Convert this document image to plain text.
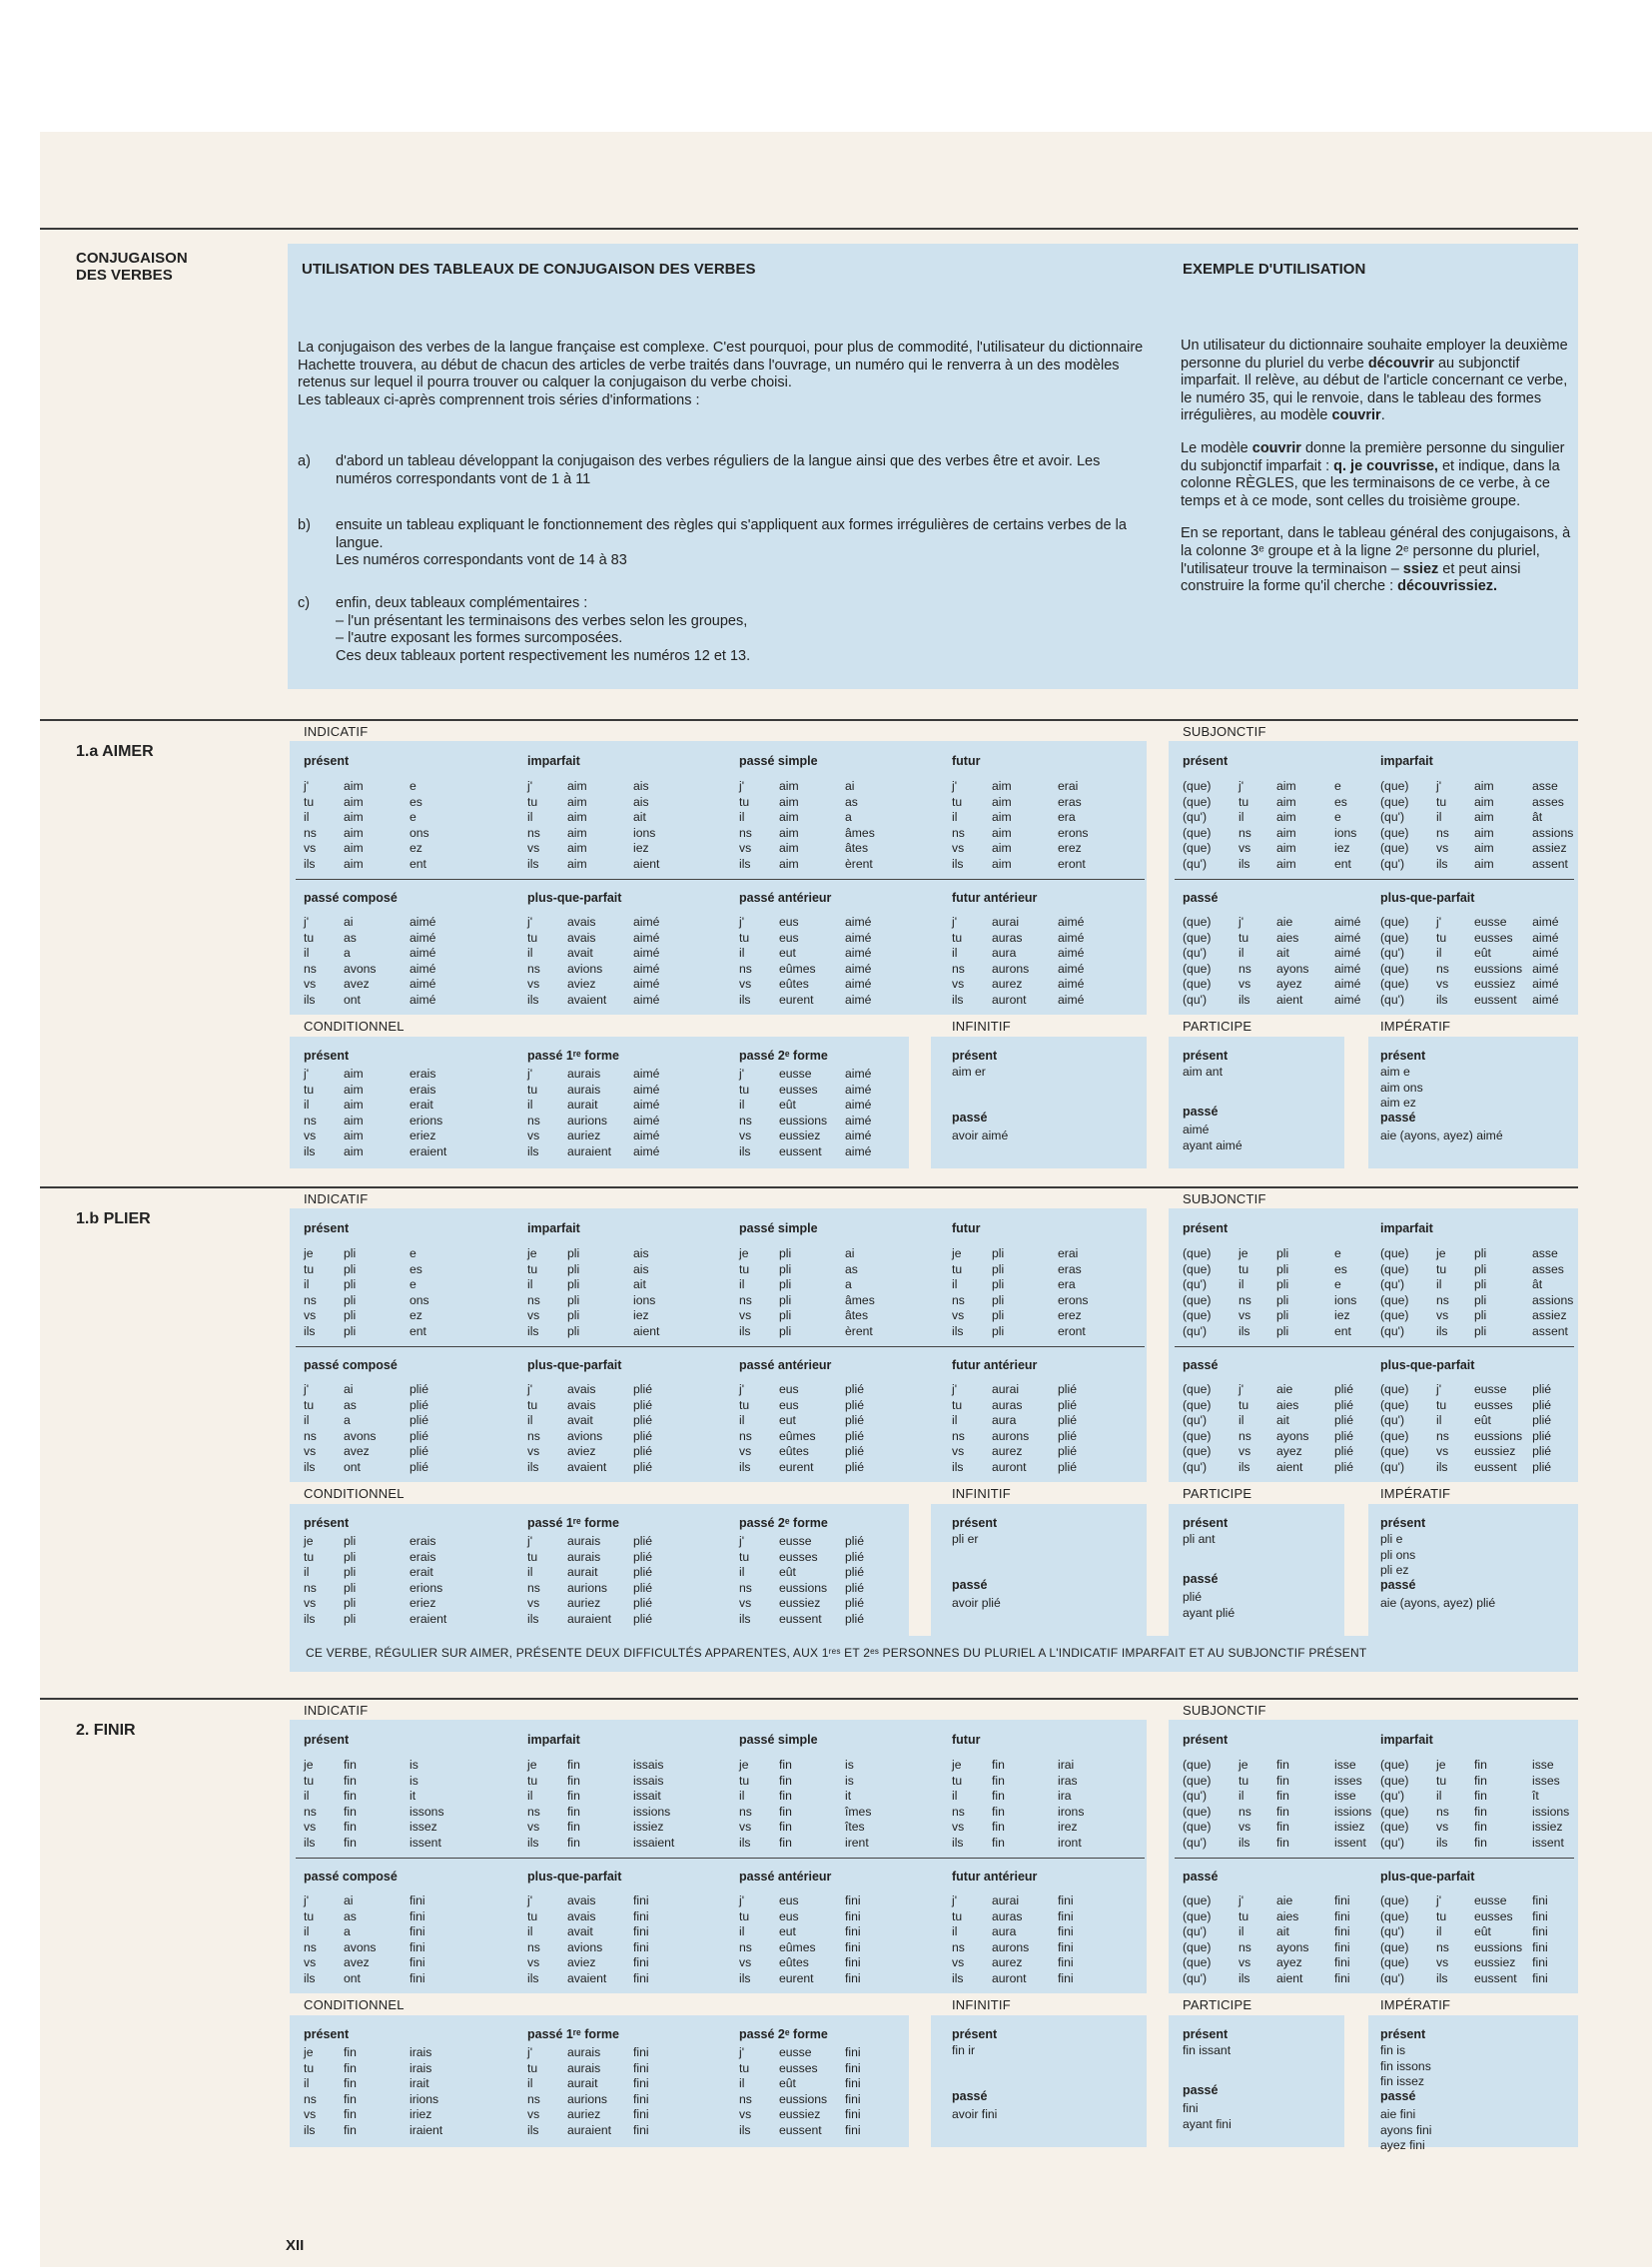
CONJUGAISON
DES VERBES	UTILISATION DES TABLEAUX DE CONJUGAISON DES VERBES	EXEMPLE D'UTILISATION
La conjugaison des verbes de la langue française est complexe. C'est pourquoi, pour plus de commodité, l'utilisateur du dictionnaire Hachette trouvera, au début de chacun des articles de verbe traités dans l'ouvrage, un numéro qui le renverra à un des modèles retenus sur lequel il pourra trouver ou calquer la conjugaison du verbe choisi.
Les tableaux ci-après comprennent trois séries d'informations :
a) d'abord un tableau développant la conjugaison des verbes réguliers de la langue ainsi que des verbes être et avoir. Les numéros correspondants vont de 1 à 11
b) ensuite un tableau expliquant le fonctionnement des règles qui s'appliquent aux formes irrégulières de certains verbes de la langue.
Les numéros correspondants vont de 14 à 83
c) enfin, deux tableaux complémentaires :
– l'un présentant les terminaisons des verbes selon les groupes,
– l'autre exposant les formes surcomposées.
Ces deux tableaux portent respectivement les numéros 12 et 13.

Un utilisateur du dictionnaire souhaite employer la deuxième personne du pluriel du verbe découvrir au subjonctif imparfait. Il relève, au début de l'article concernant ce verbe, le numéro 35, qui le renvoie, dans le tableau des formes irrégulières, au modèle couvrir.

Le modèle couvrir donne la première personne du singulier du subjonctif imparfait : q. je couvrisse, et indique, dans la colonne RÈGLES, que les terminaisons de ce verbe, à ce temps et à ce mode, sont celles du troisième groupe.

En se reportant, dans le tableau général des conjugaisons, à la colonne 3ᵉ groupe et à la ligne 2ᵉ personne du pluriel, l'utilisateur trouve la terminaison – ssiez et peut ainsi construire la forme qu'il cherche : découvrissiez.

1.a AIMER
INDICATIF	SUBJONCTIF
présent
j'	aim	e
tu	aim	es
il	aim	e
ns	aim	ons
vs	aim	ez
ils	aim	ent
imparfait
j'	aim	ais
tu	aim	ais
il	aim	ait
ns	aim	ions
vs	aim	iez
ils	aim	aient
passé simple
j'	aim	ai
tu	aim	as
il	aim	a
ns	aim	âmes
vs	aim	âtes
ils	aim	èrent
futur
j'	aim	erai
tu	aim	eras
il	aim	era
ns	aim	erons
vs	aim	erez
ils	aim	eront
passé composé
j'	ai	aimé
tu	as	aimé
il	a	aimé
ns	avons	aimé
vs	avez	aimé
ils	ont	aimé
plus-que-parfait
j'	avais	aimé
tu	avais	aimé
il	avait	aimé
ns	avions	aimé
vs	aviez	aimé
ils	avaient	aimé
passé antérieur
j'	eus	aimé
tu	eus	aimé
il	eut	aimé
ns	eûmes	aimé
vs	eûtes	aimé
ils	eurent	aimé
futur antérieur
j'	aurai	aimé
tu	auras	aimé
il	aura	aimé
ns	aurons	aimé
vs	aurez	aimé
ils	auront	aimé
présent
(que)	j'	aim	e
(que)	tu	aim	es
(qu')	il	aim	e
(que)	ns	aim	ions
(que)	vs	aim	iez
(qu')	ils	aim	ent
imparfait
(que)	j'	aim	asse
(que)	tu	aim	asses
(qu')	il	aim	ât
(que)	ns	aim	assions
(que)	vs	aim	assiez
(qu')	ils	aim	assent
passé
(que)	j'	aie	aimé
(que)	tu	aies	aimé
(qu')	il	ait	aimé
(que)	ns	ayons	aimé
(que)	vs	ayez	aimé
(qu')	ils	aient	aimé
plus-que-parfait
(que)	j'	eusse	aimé
(que)	tu	eusses	aimé
(qu')	il	eût	aimé
(que)	ns	eussions	aimé
(que)	vs	eussiez	aimé
(qu')	ils	eussent	aimé
CONDITIONNEL	INFINITIF	PARTICIPE	IMPÉRATIF
présent
j'	aim	erais
tu	aim	erais
il	aim	erait
ns	aim	erions
vs	aim	eriez
ils	aim	eraient
passé 1ʳᵉ forme
j'	aurais	aimé
tu	aurais	aimé
il	aurait	aimé
ns	aurions	aimé
vs	auriez	aimé
ils	auraient	aimé
passé 2ᵉ forme
j'	eusse	aimé
tu	eusses	aimé
il	eût	aimé
ns	eussions	aimé
vs	eussiez	aimé
ils	eussent	aimé
présent
aim er
passé
avoir aimé
présent
aim ant
passé
aimé
ayant aimé
présent
aim e
aim ons
aim ez
passé
aie (ayons, ayez) aimé
1.b PLIER
INDICATIF	SUBJONCTIF
présent
je	pli	e
tu	pli	es
il	pli	e
ns	pli	ons
vs	pli	ez
ils	pli	ent
imparfait
je	pli	ais
tu	pli	ais
il	pli	ait
ns	pli	ions
vs	pli	iez
ils	pli	aient
passé simple
je	pli	ai
tu	pli	as
il	pli	a
ns	pli	âmes
vs	pli	âtes
ils	pli	èrent
futur
je	pli	erai
tu	pli	eras
il	pli	era
ns	pli	erons
vs	pli	erez
ils	pli	eront
passé composé
j'	ai	plié
tu	as	plié
il	a	plié
ns	avons	plié
vs	avez	plié
ils	ont	plié
plus-que-parfait
j'	avais	plié
tu	avais	plié
il	avait	plié
ns	avions	plié
vs	aviez	plié
ils	avaient	plié
passé antérieur
j'	eus	plié
tu	eus	plié
il	eut	plié
ns	eûmes	plié
vs	eûtes	plié
ils	eurent	plié
futur antérieur
j'	aurai	plié
tu	auras	plié
il	aura	plié
ns	aurons	plié
vs	aurez	plié
ils	auront	plié
présent
(que)	je	pli	e
(que)	tu	pli	es
(qu')	il	pli	e
(que)	ns	pli	ions
(que)	vs	pli	iez
(qu')	ils	pli	ent
imparfait
(que)	je	pli	asse
(que)	tu	pli	asses
(qu')	il	pli	ât
(que)	ns	pli	assions
(que)	vs	pli	assiez
(qu')	ils	pli	assent
passé
(que)	j'	aie	plié
(que)	tu	aies	plié
(qu')	il	ait	plié
(que)	ns	ayons	plié
(que)	vs	ayez	plié
(qu')	ils	aient	plié
plus-que-parfait
(que)	j'	eusse	plié
(que)	tu	eusses	plié
(qu')	il	eût	plié
(que)	ns	eussions	plié
(que)	vs	eussiez	plié
(qu')	ils	eussent	plié
CONDITIONNEL	INFINITIF	PARTICIPE	IMPÉRATIF
CE VERBE, RÉGULIER SUR AIMER, PRÉSENTE DEUX DIFFICULTÉS APPARENTES, AUX 1ʳᵉˢ ET 2ᵉˢ PERSONNES DU PLURIEL A L'INDICATIF IMPARFAIT ET AU SUBJONCTIF PRÉSENT
présent
je	pli	erais
tu	pli	erais
il	pli	erait
ns	pli	erions
vs	pli	eriez
ils	pli	eraient
passé 1ʳᵉ forme
j'	aurais	plié
tu	aurais	plié
il	aurait	plié
ns	aurions	plié
vs	auriez	plié
ils	auraient	plié
passé 2ᵉ forme
j'	eusse	plié
tu	eusses	plié
il	eût	plié
ns	eussions	plié
vs	eussiez	plié
ils	eussent	plié
présent
pli er
passé
avoir plié
présent
pli ant
passé
plié
ayant plié
présent
pli e
pli ons
pli ez
passé
aie (ayons, ayez) plié
2. FINIR
INDICATIF	SUBJONCTIF
présent
je	fin	is
tu	fin	is
il	fin	it
ns	fin	issons
vs	fin	issez
ils	fin	issent
imparfait
je	fin	issais
tu	fin	issais
il	fin	issait
ns	fin	issions
vs	fin	issiez
ils	fin	issaient
passé simple
je	fin	is
tu	fin	is
il	fin	it
ns	fin	îmes
vs	fin	îtes
ils	fin	irent
futur
je	fin	irai
tu	fin	iras
il	fin	ira
ns	fin	irons
vs	fin	irez
ils	fin	iront
passé composé
j'	ai	fini
tu	as	fini
il	a	fini
ns	avons	fini
vs	avez	fini
ils	ont	fini
plus-que-parfait
j'	avais	fini
tu	avais	fini
il	avait	fini
ns	avions	fini
vs	aviez	fini
ils	avaient	fini
passé antérieur
j'	eus	fini
tu	eus	fini
il	eut	fini
ns	eûmes	fini
vs	eûtes	fini
ils	eurent	fini
futur antérieur
j'	aurai	fini
tu	auras	fini
il	aura	fini
ns	aurons	fini
vs	aurez	fini
ils	auront	fini
présent
(que)	je	fin	isse
(que)	tu	fin	isses
(qu')	il	fin	isse
(que)	ns	fin	issions
(que)	vs	fin	issiez
(qu')	ils	fin	issent
imparfait
(que)	je	fin	isse
(que)	tu	fin	isses
(qu')	il	fin	ît
(que)	ns	fin	issions
(que)	vs	fin	issiez
(qu')	ils	fin	issent
passé
(que)	j'	aie	fini
(que)	tu	aies	fini
(qu')	il	ait	fini
(que)	ns	ayons	fini
(que)	vs	ayez	fini
(qu')	ils	aient	fini
plus-que-parfait
(que)	j'	eusse	fini
(que)	tu	eusses	fini
(qu')	il	eût	fini
(que)	ns	eussions	fini
(que)	vs	eussiez	fini
(qu')	ils	eussent	fini
CONDITIONNEL	INFINITIF	PARTICIPE	IMPÉRATIF
présent
je	fin	irais
tu	fin	irais
il	fin	irait
ns	fin	irions
vs	fin	iriez
ils	fin	iraient
passé 1ʳᵉ forme
j'	aurais	fini
tu	aurais	fini
il	aurait	fini
ns	aurions	fini
vs	auriez	fini
ils	auraient	fini
passé 2ᵉ forme
j'	eusse	fini
tu	eusses	fini
il	eût	fini
ns	eussions	fini
vs	eussiez	fini
ils	eussent	fini
présent
fin ir
passé
avoir fini
présent
fin issant
passé
fini
ayant fini
présent
fin is
fin issons
fin issez
passé
aie fini
ayons fini
ayez fini
XII
